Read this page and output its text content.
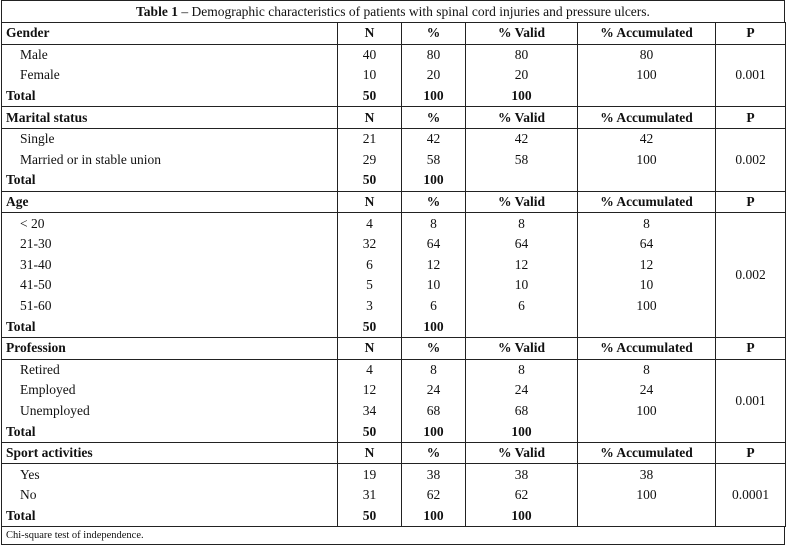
Table 1 – Demographic characteristics of patients with spinal cord injuries and pressure ulcers.
Gender	N	%	% Valid	% Accumulated	P
Male	40	80	80	80	0.001
Female	10	20	20	100	
Total	50	100	100		
Marital status	N	%	% Valid	% Accumulated	P
Single	21	42	42	42	0.002
Married or in stable union	29	58	58	100	
Total	50	100			
Age	N	%	% Valid	% Accumulated	P
< 20	4	8	8	8	0.002
21-30	32	64	64	64	
31-40	6	12	12	12	
41-50	5	10	10	10	
51-60	3	6	6	100	
Total	50	100			
Profession	N	%	% Valid	% Accumulated	P
Retired	4	8	8	8	0.001
Employed	12	24	24	24	
Unemployed	34	68	68	100	
Total	50	100	100		
Sport activities	N	%	% Valid	% Accumulated	P
Yes	19	38	38	38	0.0001
No	31	62	62	100	
Total	50	100	100		
Chi-square test of independence.
